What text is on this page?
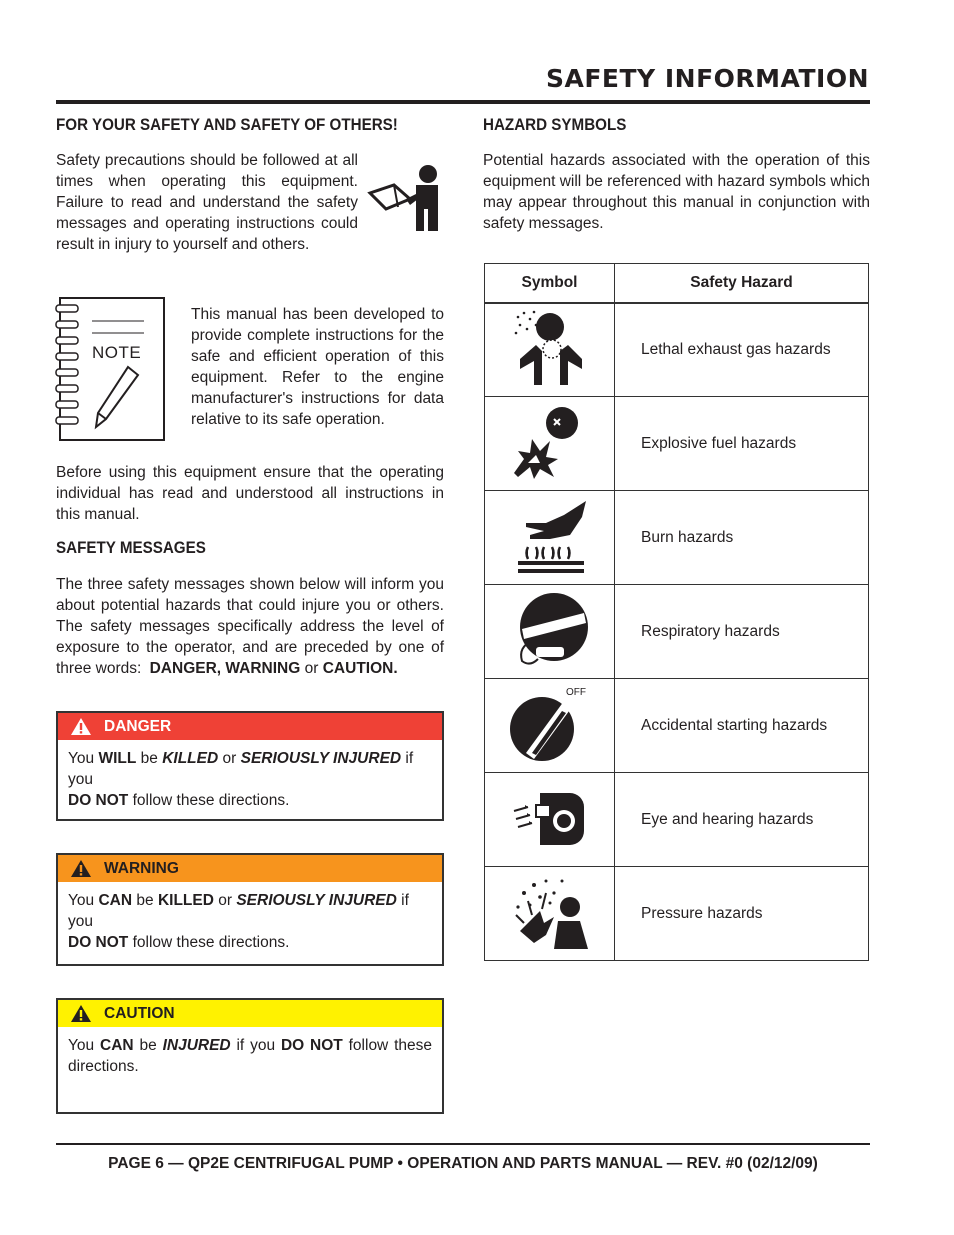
SAFETY INFORMATION
FOR YOUR SAFETY AND SAFETY OF OTHERS!
Safety precautions should be followed at all times when operating this equipment. Failure to read and understand the safety messages and operating instructions could result in injury to yourself and others.
NOTE
This manual has been developed to provide complete instructions for the safe and efficient operation of this equipment. Refer to the engine manufacturer's instructions for data relative to its safe operation.
Before using this equipment ensure that the operating individual has read and understood all instructions in this manual.
SAFETY MESSAGES
The three safety messages shown below will inform you about potential hazards that could injure you or others. The safety messages specifically address the level of exposure to the operator, and are preceded by one of three words: DANGER, WARNING or CAUTION.
DANGER
You WILL be KILLED or SERIOUSLY INJURED if you
DO NOT follow these directions.
WARNING
You CAN be KILLED or SERIOUSLY INJURED if you
DO NOT follow these directions.
CAUTION
You CAN be INJURED if you DO NOT follow these directions.
HAZARD SYMBOLS
Potential hazards associated with the operation of this equipment will be referenced with hazard symbols which may appear throughout this manual in conjunction with safety messages.
Symbol	Safety Hazard
	Lethal exhaust gas hazards
	Explosive fuel hazards
	Burn hazards
	Respiratory hazards

OFF	Accidental starting hazards
	Eye and hearing hazards
	Pressure hazards
PAGE 6 — QP2E CENTRIFUGAL PUMP • OPERATION AND PARTS MANUAL — REV. #0 (02/12/09)
